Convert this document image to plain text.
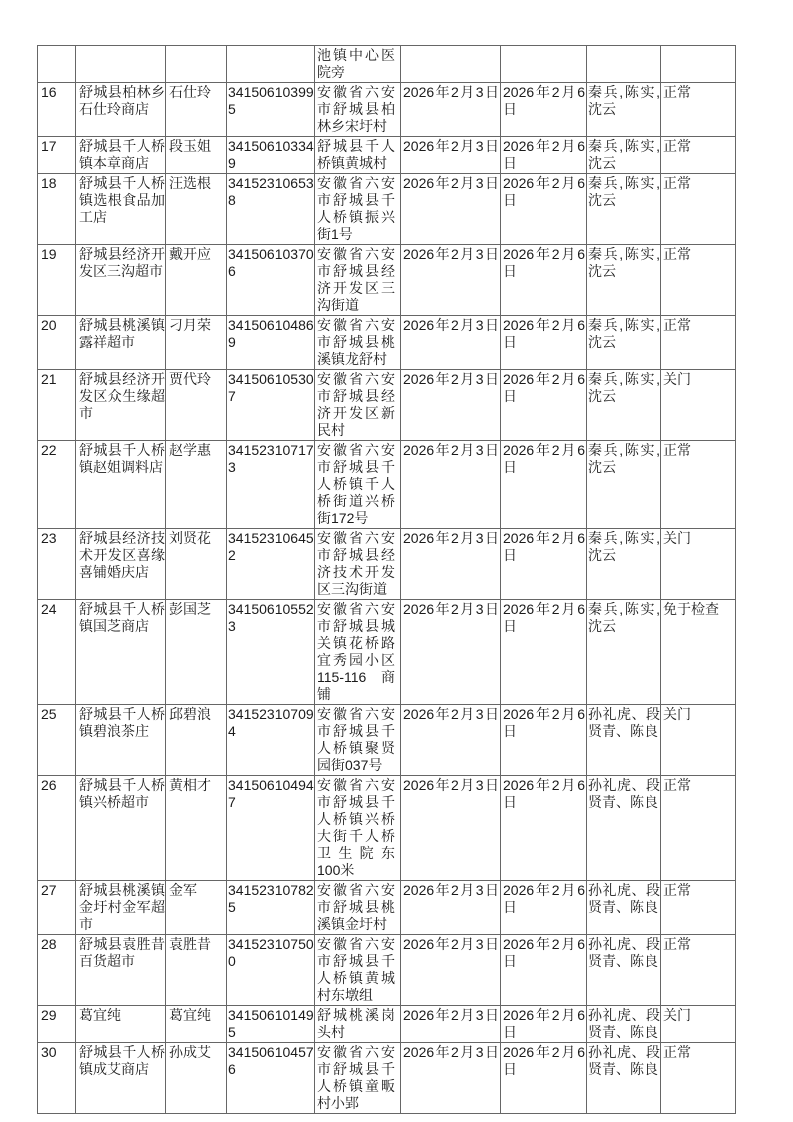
				池镇中心医院旁				
16	舒城县柏林乡石仕玲商店	石仕玲	341506103995	安徽省六安市舒城县柏林乡宋圩村	2026年2月3日	2026年2月6日	秦兵,陈实,沈云	正常
17	舒城县千人桥镇本章商店	段玉姐	341506103349	舒城县千人桥镇黄城村	2026年2月3日	2026年2月6日	秦兵,陈实,沈云	正常
18	舒城县千人桥镇选根食品加工店	汪选根	341523106538	安徽省六安市舒城县千人桥镇振兴街1号	2026年2月3日	2026年2月6日	秦兵,陈实,沈云	正常
19	舒城县经济开发区三沟超市	戴开应	341506103706	安徽省六安市舒城县经济开发区三沟街道	2026年2月3日	2026年2月6日	秦兵,陈实,沈云	正常
20	舒城县桃溪镇露祥超市	刁月荣	341506104869	安徽省六安市舒城县桃溪镇龙舒村	2026年2月3日	2026年2月6日	秦兵,陈实,沈云	正常
21	舒城县经济开发区众生缘超市	贾代玲	341506105307	安徽省六安市舒城县经济开发区新民村	2026年2月3日	2026年2月6日	秦兵,陈实,沈云	关门
22	舒城县千人桥镇赵姐调料店	赵学惠	341523107173	安徽省六安市舒城县千人桥镇千人桥街道兴桥街172号	2026年2月3日	2026年2月6日	秦兵,陈实,沈云	正常
23	舒城县经济技术开发区喜缘喜铺婚庆店	刘贤花	341523106452	安徽省六安市舒城县经济技术开发区三沟街道	2026年2月3日	2026年2月6日	秦兵,陈实,沈云	关门
24	舒城县千人桥镇国芝商店	彭国芝	341506105523	安徽省六安市舒城县城关镇花桥路宜秀园小区115-116 商铺	2026年2月3日	2026年2月6日	秦兵,陈实,沈云	免于检查
25	舒城县千人桥镇碧浪茶庄	邱碧浪	341523107094	安徽省六安市舒城县千人桥镇聚贤园街037号	2026年2月3日	2026年2月6日	孙礼虎、段贤青、陈良	关门
26	舒城县千人桥镇兴桥超市	黄相才	341506104947	安徽省六安市舒城县千人桥镇兴桥大街千人桥卫生院东100米	2026年2月3日	2026年2月6日	孙礼虎、段贤青、陈良	正常
27	舒城县桃溪镇金圩村金军超市	金军	341523107825	安徽省六安市舒城县桃溪镇金圩村	2026年2月3日	2026年2月6日	孙礼虎、段贤青、陈良	正常
28	舒城县袁胜昔百货超市	袁胜昔	341523107500	安徽省六安市舒城县千人桥镇黄城村东墩组	2026年2月3日	2026年2月6日	孙礼虎、段贤青、陈良	正常
29	葛宜纯	葛宜纯	341506101495	舒城桃溪岗头村	2026年2月3日	2026年2月6日	孙礼虎、段贤青、陈良	关门
30	舒城县千人桥镇成艾商店	孙成艾	341506104576	安徽省六安市舒城县千人桥镇童畈村小郢	2026年2月3日	2026年2月6日	孙礼虎、段贤青、陈良	正常
